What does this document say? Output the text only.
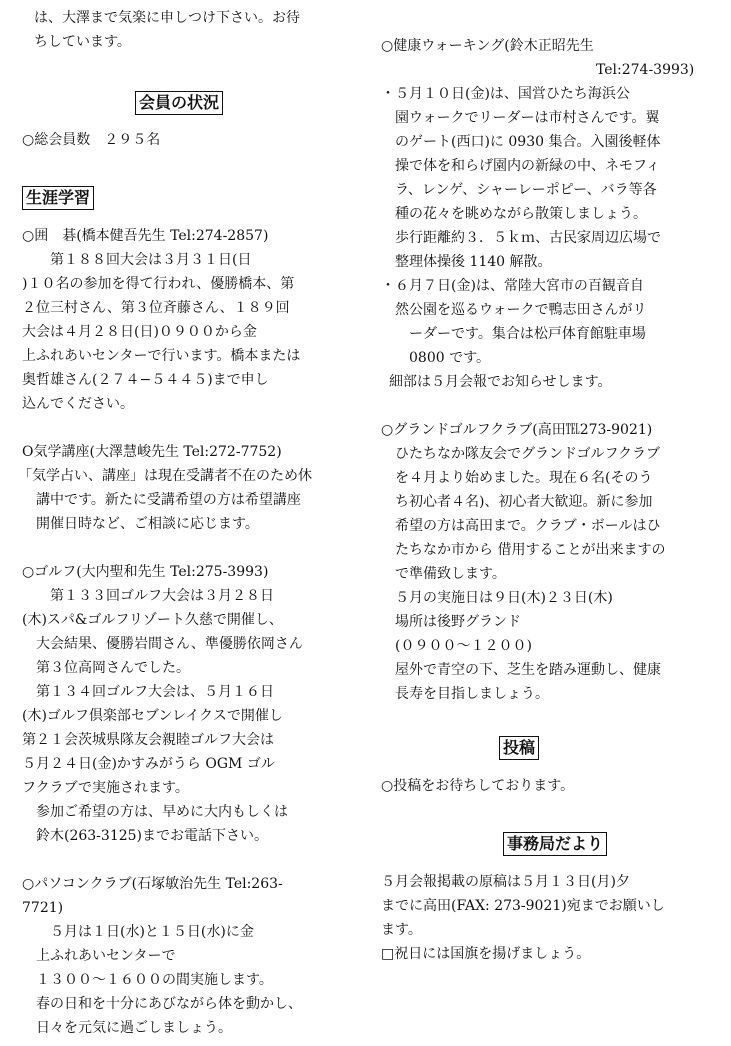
は、大澤まで気楽に申しつけ下さい。お待
ちしています。
会員の状況
○総会員数　２９５名
生涯学習
○囲　碁(橋本健吾先生 Tel:274-2857)
　第１８８回大会は３月３１日(日
)１０名の参加を得て行われ、優勝橋本、第
２位三村さん、第３位斉藤さん、１８９回
大会は４月２８日(日)０９００から金
上ふれあいセンターで行います。橋本または
奥哲雄さん(２７４−５４４５)まで申し
込んでください。
O気学講座(大澤慧峻先生 Tel:272-7752)
「気学占い、講座」は現在受講者不在のため休
講中です。新たに受講希望の方は希望講座
開催日時など、ご相談に応じます。
○ゴルフ(大内聖和先生 Tel:275-3993)
　第１３３回ゴルフ大会は３月２８日
(木)スパ&ゴルフリゾート久慈で開催し、
大会結果、優勝岩間さん、準優勝依岡さん
第３位高岡さんでした。
第１３４回ゴルフ大会は、５月１６日
(木)ゴルフ倶楽部セブンレイクスで開催し
第２１会茨城県隊友会親睦ゴルフ大会は
５月２４日(金)かすみがうら OGM ゴル
フクラブで実施されます。
参加ご希望の方は、早めに大内もしくは
鈴木(263-3125)までお電話下さい。
○パソコンクラブ(石塚敏治先生 Tel:263-
7721)
　５月は１日(水)と１５日(水)に金
上ふれあいセンターで
１３００～１６００の間実施します。
春の日和を十分にあびながら体を動かし、
日々を元気に過ごしましょう。
○健康ウォーキング(鈴木正昭先生
Tel:274-3993)
・５月１０日(金)は、国営ひたち海浜公
園ウォークでリーダーは市村さんです。翼
のゲート(西口)に 0930 集合。入園後軽体
操で体を和らげ園内の新緑の中、ネモフィ
ラ、レンゲ、シャーレーポピー、バラ等各
種の花々を眺めながら散策しましょう。
歩行距離約３．５ｋｍ、古民家周辺広場で
整理体操後 1140 解散。
・６月７日(金)は、常陸大宮市の百観音自
然公園を巡るウォークで鴨志田さんがリ
ーダーです。集合は松戸体育館駐車場
0800 です。
細部は５月会報でお知らせします。
○グランドゴルフクラブ(高田℡273-9021)
ひたちなか隊友会でグランドゴルフクラブ
を４月より始めました。現在６名(そのう
ち初心者４名)、初心者大歓迎。新に参加
希望の方は高田まで。クラブ・ボールはひ
たちなか市から 借用することが出来ますの
で準備致します。
５月の実施日は９日(木)２３日(木)
場所は後野グランド
(０９００～１２００)
屋外で青空の下、芝生を踏み運動し、健康
長寿を目指しましょう。
投稿
○投稿をお待ちしております。
事務局だより
５月会報掲載の原稿は５月１３日(月)夕
までに高田(FAX: 273-9021)宛までお願いし
ます。
□祝日には国旗を揚げましょう。
